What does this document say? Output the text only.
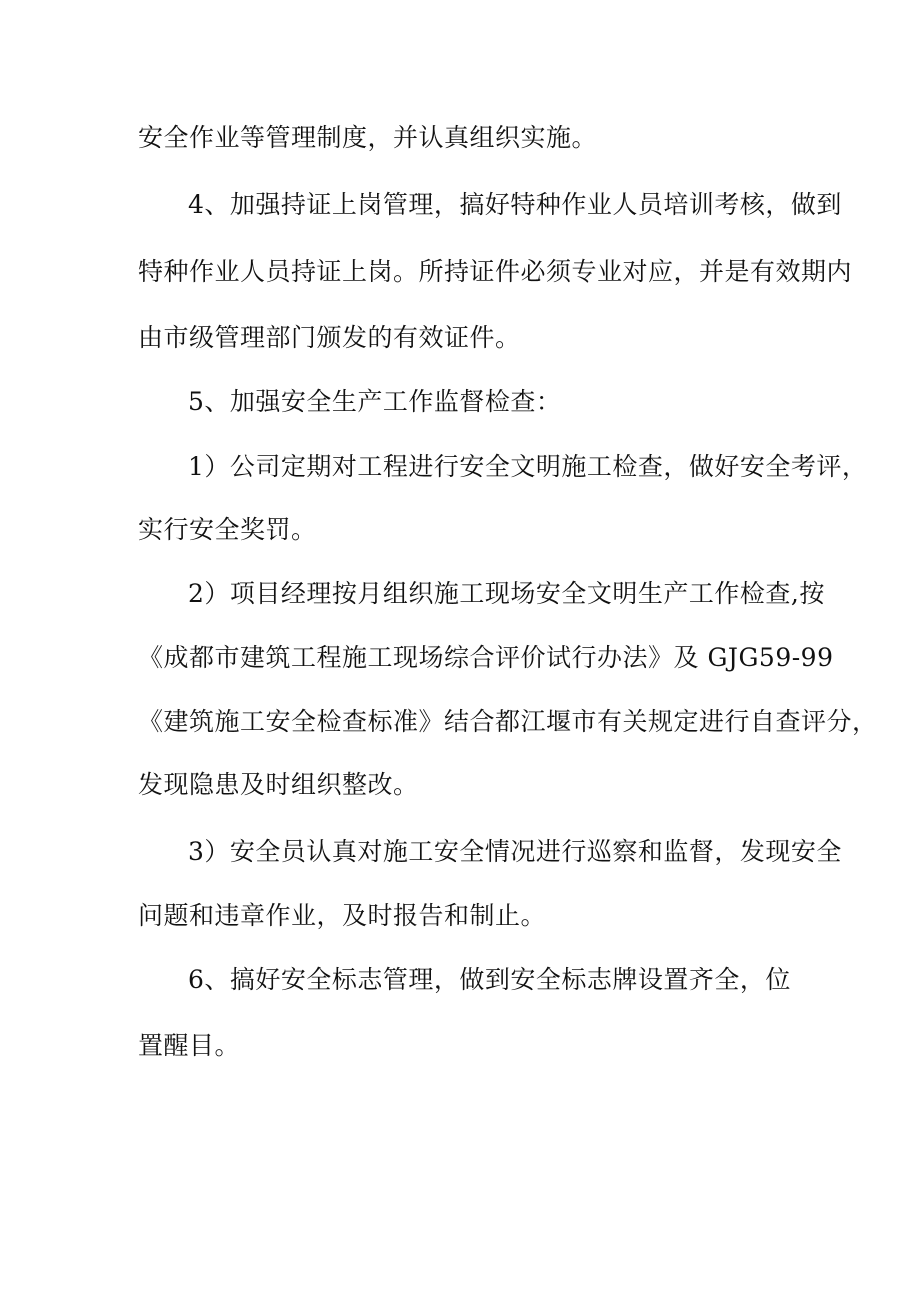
安全作业等管理制度，并认真组织实施。
4、加强持证上岗管理，搞好特种作业人员培训考核，做到
特种作业人员持证上岗。所持证件必须专业对应，并是有效期内
由市级管理部门颁发的有效证件。
5、加强安全生产工作监督检查：
1）公司定期对工程进行安全文明施工检查，做好安全考评，
实行安全奖罚。
2）项目经理按月组织施工现场安全文明生产工作检查,按
《成都市建筑工程施工现场综合评价试行办法》及 GJG59-99
《建筑施工安全检查标准》结合都江堰市有关规定进行自查评分，
发现隐患及时组织整改。
3）安全员认真对施工安全情况进行巡察和监督，发现安全
问题和违章作业，及时报告和制止。
6、搞好安全标志管理，做到安全标志牌设置齐全，位
置醒目。
